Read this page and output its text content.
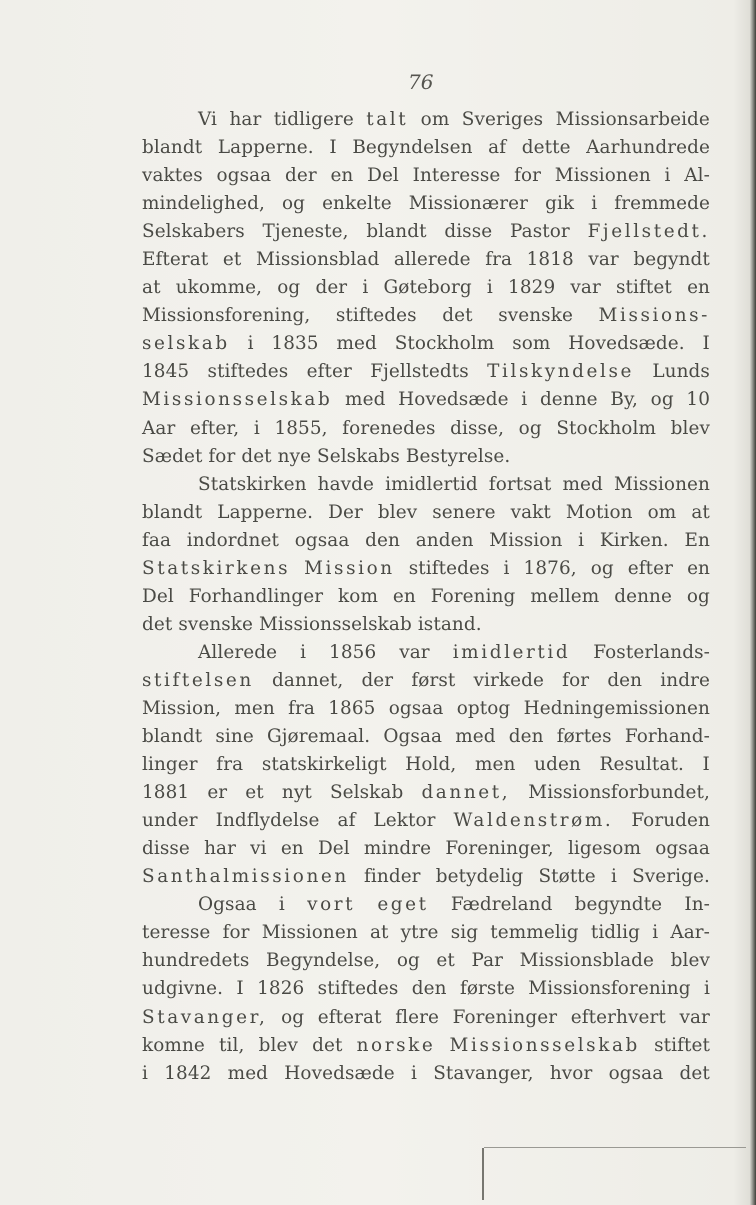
76
Vi har tidligere talt om Sveriges Missionsarbeide
blandt Lapperne. I Begyndelsen af dette Aarhundrede
vaktes ogsaa der en Del Interesse for Missionen i Al-
mindelighed, og enkelte Missionærer gik i fremmede
Selskabers Tjeneste, blandt disse Pastor Fjellstedt.
Efterat et Missionsblad allerede fra 1818 var begyndt
at ukomme, og der i Gøteborg i 1829 var stiftet en
Missionsforening, stiftedes det svenske Missions-
selskab i 1835 med Stockholm som Hovedsæde. I
1845 stiftedes efter Fjellstedts Tilskyndelse Lunds
Missionsselskab med Hovedsæde i denne By, og 10
Aar efter, i 1855, forenedes disse, og Stockholm blev
Sædet
for
det
nye
Selskabs
Bestyrelse.
Statskirken havde imidlertid fortsat med Missionen
blandt Lapperne. Der blev senere vakt Motion om at
faa indordnet ogsaa den anden Mission i Kirken. En
Statskirkens Mission stiftedes i 1876, og efter en
Del Forhandlinger kom en Forening mellem denne og
det
svenske
Missionsselskab
istand.
Allerede i 1856 var imidlertid Fosterlands-
stiftelsen dannet, der først virkede for den indre
Mission, men fra 1865 ogsaa optog Hedningemissionen
blandt sine Gjøremaal. Ogsaa med den førtes Forhand-
linger fra statskirkeligt Hold, men uden Resultat. I
1881 er et nyt Selskab dannet, Missionsforbundet,
under Indflydelse af Lektor Waldenstrøm. Foruden
disse har vi en Del mindre Foreninger, ligesom ogsaa
Santhalmissionen finder betydelig Støtte i Sverige.
Ogsaa i vort eget Fædreland begyndte In-
teresse for Missionen at ytre sig temmelig tidlig i Aar-
hundredets Begyndelse, og et Par Missionsblade blev
udgivne. I 1826 stiftedes den første Missionsforening i
Stavanger, og efterat flere Foreninger efterhvert var
komne til, blev det norske Missionsselskab stiftet
i 1842 med Hovedsæde i Stavanger, hvor ogsaa det
